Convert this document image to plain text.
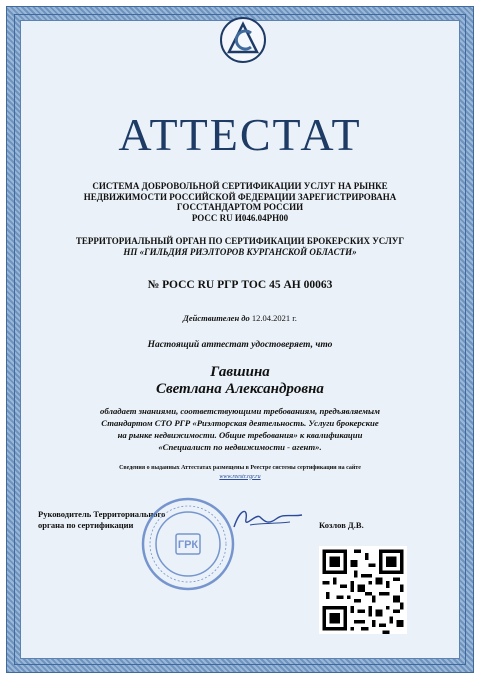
АТТЕСТАТ
СИСТЕМА ДОБРОВОЛЬНОЙ СЕРТИФИКАЦИИ УСЛУГ НА РЫНКЕ
НЕДВИЖИМОСТИ РОССИЙСКОЙ ФЕДЕРАЦИИ ЗАРЕГИСТРИРОВАНА
ГОССТАНДАРТОМ РОССИИ
РОСС RU И046.04РН00
ТЕРРИТОРИАЛЬНЫЙ ОРГАН ПО СЕРТИФИКАЦИИ БРОКЕРСКИХ УСЛУГ
НП «ГИЛЬДИЯ РИЭЛТОРОВ КУРГАНСКОЙ ОБЛАСТИ»
№ РОСС RU РГР ТОС 45 АН 00063
Действителен до 12.04.2021 г.
Настоящий аттестат удостоверяет, что
Гавшина
Светлана Александровна
обладает знаниями, соответствующими требованиям, предъявляемым
Стандартом СТО РГР «Риэлторская деятельность. Услуги брокерские
на рынке недвижимости. Общие требования» к квалификации
«Специалист по недвижимости - агент».
Сведения о выданных Аттестатах размещены в Реестре системы сертификации на сайте
www.reestr.rgr.ru
Руководитель Территориального
органа по сертификации
ГРК
Козлов Д.В.
